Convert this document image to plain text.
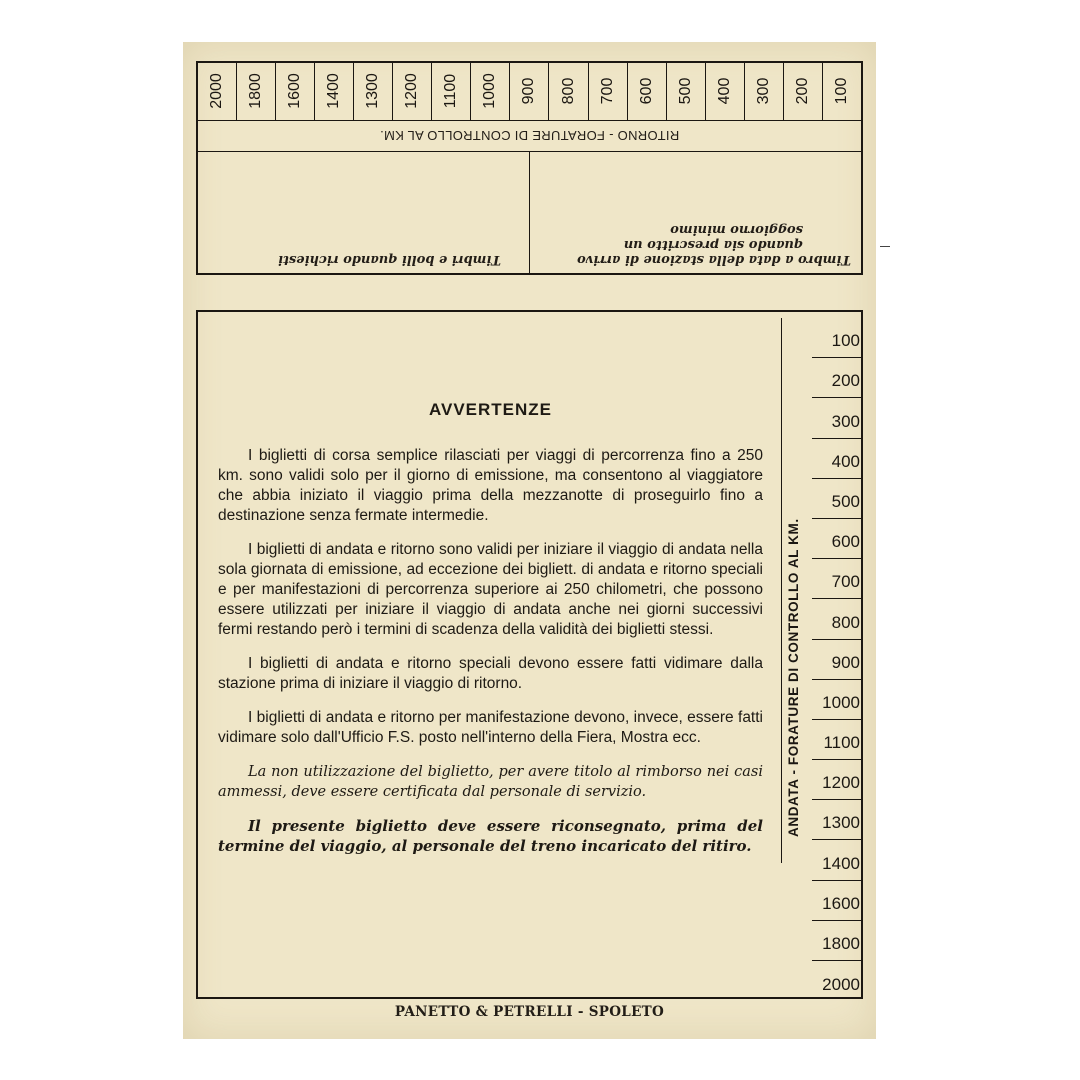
Timbro a data della stazione di arrivo
quando sia prescritto un
soggiorno minimo
Timbri e bolli quando richiesti
RITORNO - FORATURE DI CONTROLLO AL KM.
100
200
300
400
500
600
700
800
900
1000
1100
1200
1300
1400
1600
1800
2000
AVVERTENZE

I biglietti di corsa semplice rilasciati per viaggi di percorrenza fino a 250 km. sono validi solo per il giorno di emissione, ma consentono al viaggiatore che abbia iniziato il viaggio prima della mezzanotte di proseguirlo fino a destinazione senza fermate intermedie.

I biglietti di andata e ritorno sono validi per iniziare il viaggio di andata nella sola giornata di emissione, ad eccezione dei bigliett. di andata e ritorno speciali e per manifestazioni di percorrenza superiore ai 250 chilometri, che possono essere utilizzati per iniziare il viaggio di andata anche nei giorni successivi fermi restando però i termini di scadenza della validità dei biglietti stessi.

I biglietti di andata e ritorno speciali devono essere fatti vidimare dalla stazione prima di iniziare il viaggio di ritorno.

I biglietti di andata e ritorno per manifestazione devono, invece, essere fatti vidimare solo dall'Ufficio F.S. posto nell'interno della Fiera, Mostra ecc.

La non utilizzazione del biglietto, per avere titolo al rimborso nei casi ammessi, deve essere certificata dal personale di servizio.

Il presente biglietto deve essere riconsegnato, prima del termine del viaggio, al personale del treno incaricato del ritiro.

ANDATA - FORATURE DI CONTROLLO AL KM.
100
200
300
400
500
600
700
800
900
1000
1100
1200
1300
1400
1600
1800
2000
PANETTO & PETRELLI - SPOLETO
